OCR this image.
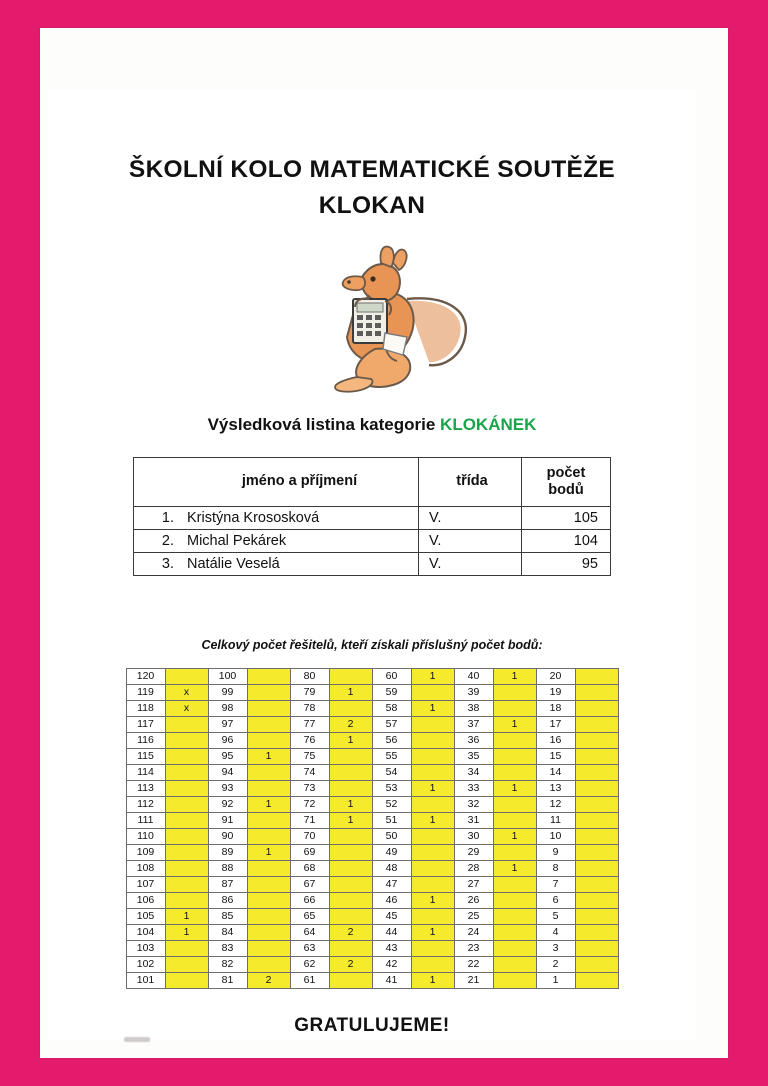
ŠKOLNÍ KOLO MATEMATICKÉ SOUTĚŽE
KLOKAN
Výsledková listina kategorie KLOKÁNEK
	jméno a příjmení	třída	počet
bodů
1.	Kristýna Krososková	V.	105
2.	Michal Pekárek	V.	104
3.	Natálie Veselá	V.	95
Celkový počet řešitelů, kteří získali příslušný počet bodů:
120		100		80		60	1	40	1	20	
119	x	99		79	1	59		39		19	
118	x	98		78		58	1	38		18	
117		97		77	2	57		37	1	17	
116		96		76	1	56		36		16	
115		95	1	75		55		35		15	
114		94		74		54		34		14	
113		93		73		53	1	33	1	13	
112		92	1	72	1	52		32		12	
111		91		71	1	51	1	31		11	
110		90		70		50		30	1	10	
109		89	1	69		49		29		9	
108		88		68		48		28	1	8	
107		87		67		47		27		7	
106		86		66		46	1	26		6	
105	1	85		65		45		25		5	
104	1	84		64	2	44	1	24		4	
103		83		63		43		23		3	
102		82		62	2	42		22		2	
101		81	2	61		41	1	21		1	
GRATULUJEME!
